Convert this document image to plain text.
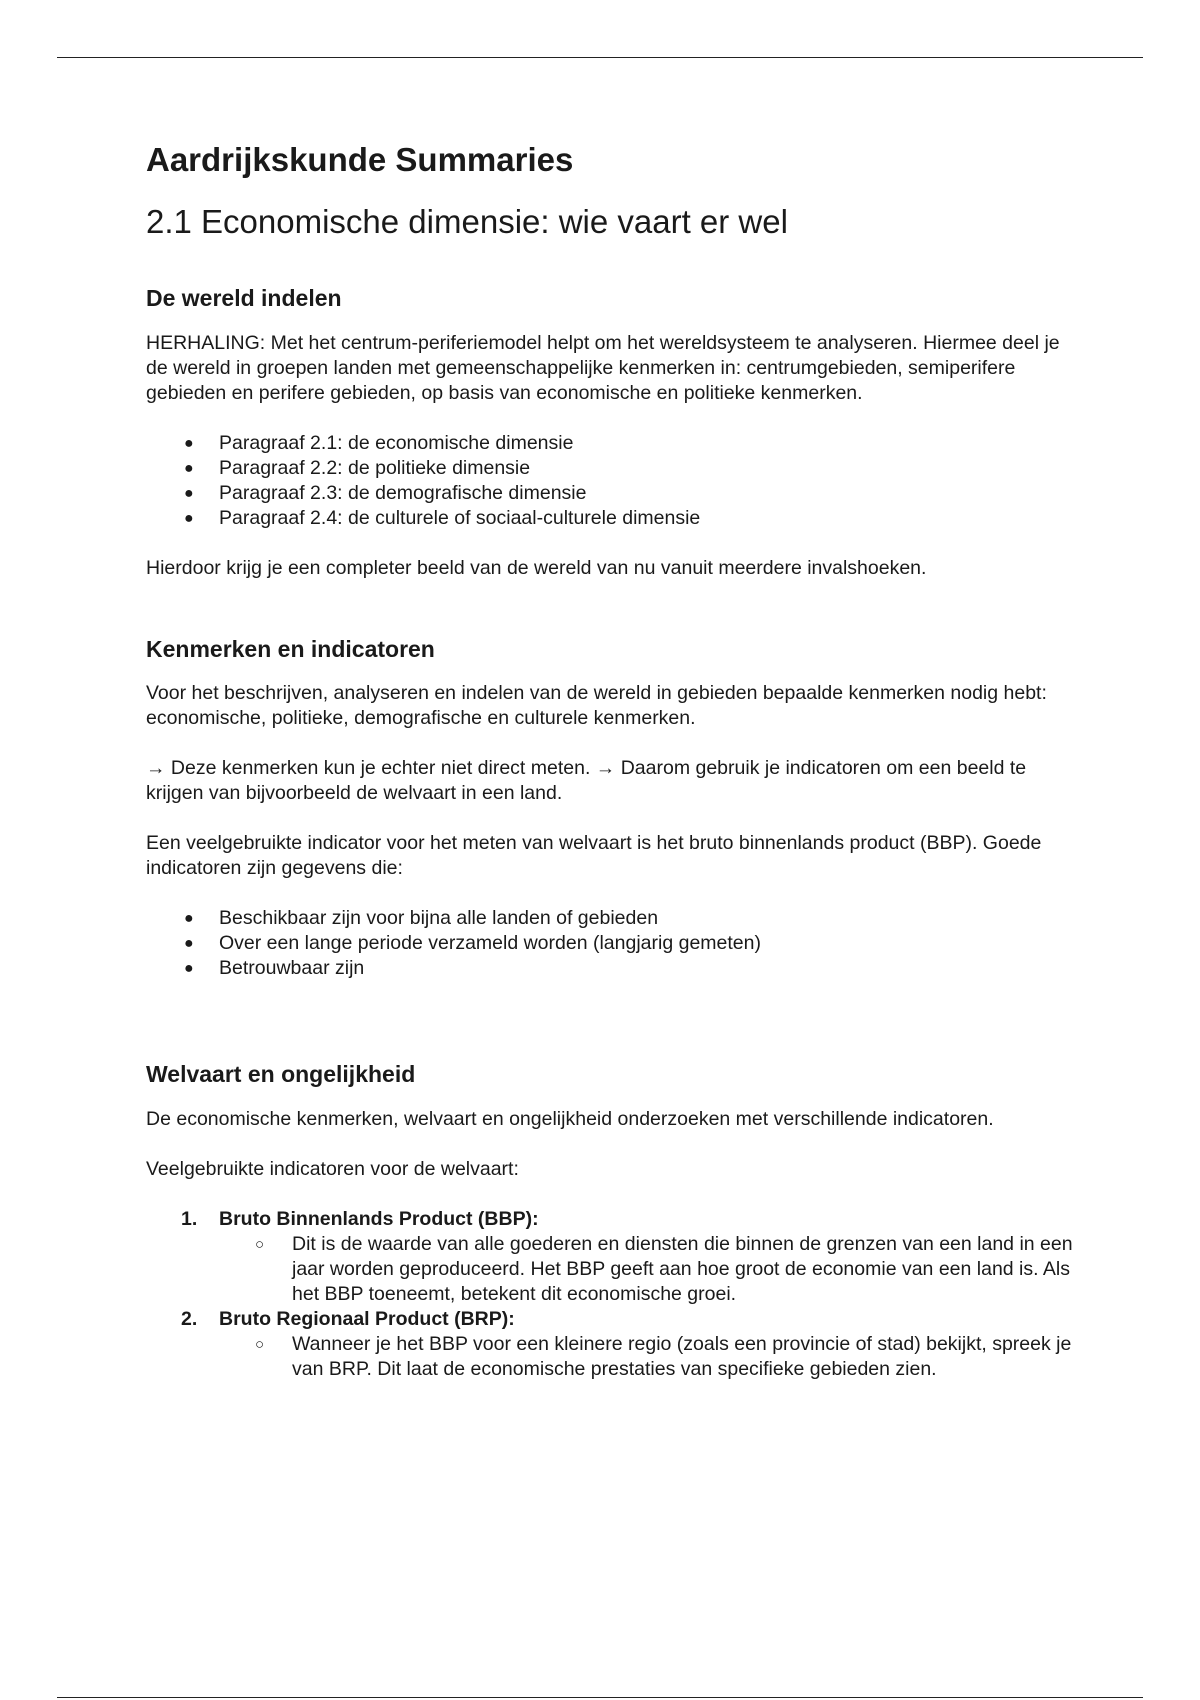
Aardrijkskunde Summaries
2.1 Economische dimensie: wie vaart er wel
De wereld indelen

HERHALING: Met het centrum-periferiemodel helpt om het wereldsysteem te analyseren. Hiermee deel je de wereld in groepen landen met gemeenschappelijke kenmerken in: centrumgebieden, semiperifere gebieden en perifere gebieden, op basis van economische en politieke kenmerken.

● Paragraaf 2.1: de economische dimensie
● Paragraaf 2.2: de politieke dimensie
● Paragraaf 2.3: de demografische dimensie
● Paragraaf 2.4: de culturele of sociaal-culturele dimensie

Hierdoor krijg je een completer beeld van de wereld van nu vanuit meerdere invalshoeken.

Kenmerken en indicatoren

Voor het beschrijven, analyseren en indelen van de wereld in gebieden bepaalde kenmerken nodig hebt: economische, politieke, demografische en culturele kenmerken.

→ Deze kenmerken kun je echter niet direct meten. → Daarom gebruik je indicatoren om een beeld te krijgen van bijvoorbeeld de welvaart in een land.

Een veelgebruikte indicator voor het meten van welvaart is het bruto binnenlands product (BBP). Goede indicatoren zijn gegevens die:

● Beschikbaar zijn voor bijna alle landen of gebieden
● Over een lange periode verzameld worden (langjarig gemeten)
● Betrouwbaar zijn
Welvaart en ongelijkheid

De economische kenmerken, welvaart en ongelijkheid onderzoeken met verschillende indicatoren.

Veelgebruikte indicatoren voor de welvaart:

1. Bruto Binnenlands Product (BBP):
○ Dit is de waarde van alle goederen en diensten die binnen de grenzen van een land in een jaar worden geproduceerd. Het BBP geeft aan hoe groot de economie van een land is. Als het BBP toeneemt, betekent dit economische groei.
2. Bruto Regionaal Product (BRP):
○ Wanneer je het BBP voor een kleinere regio (zoals een provincie of stad) bekijkt, spreek je van BRP. Dit laat de economische prestaties van specifieke gebieden zien.
